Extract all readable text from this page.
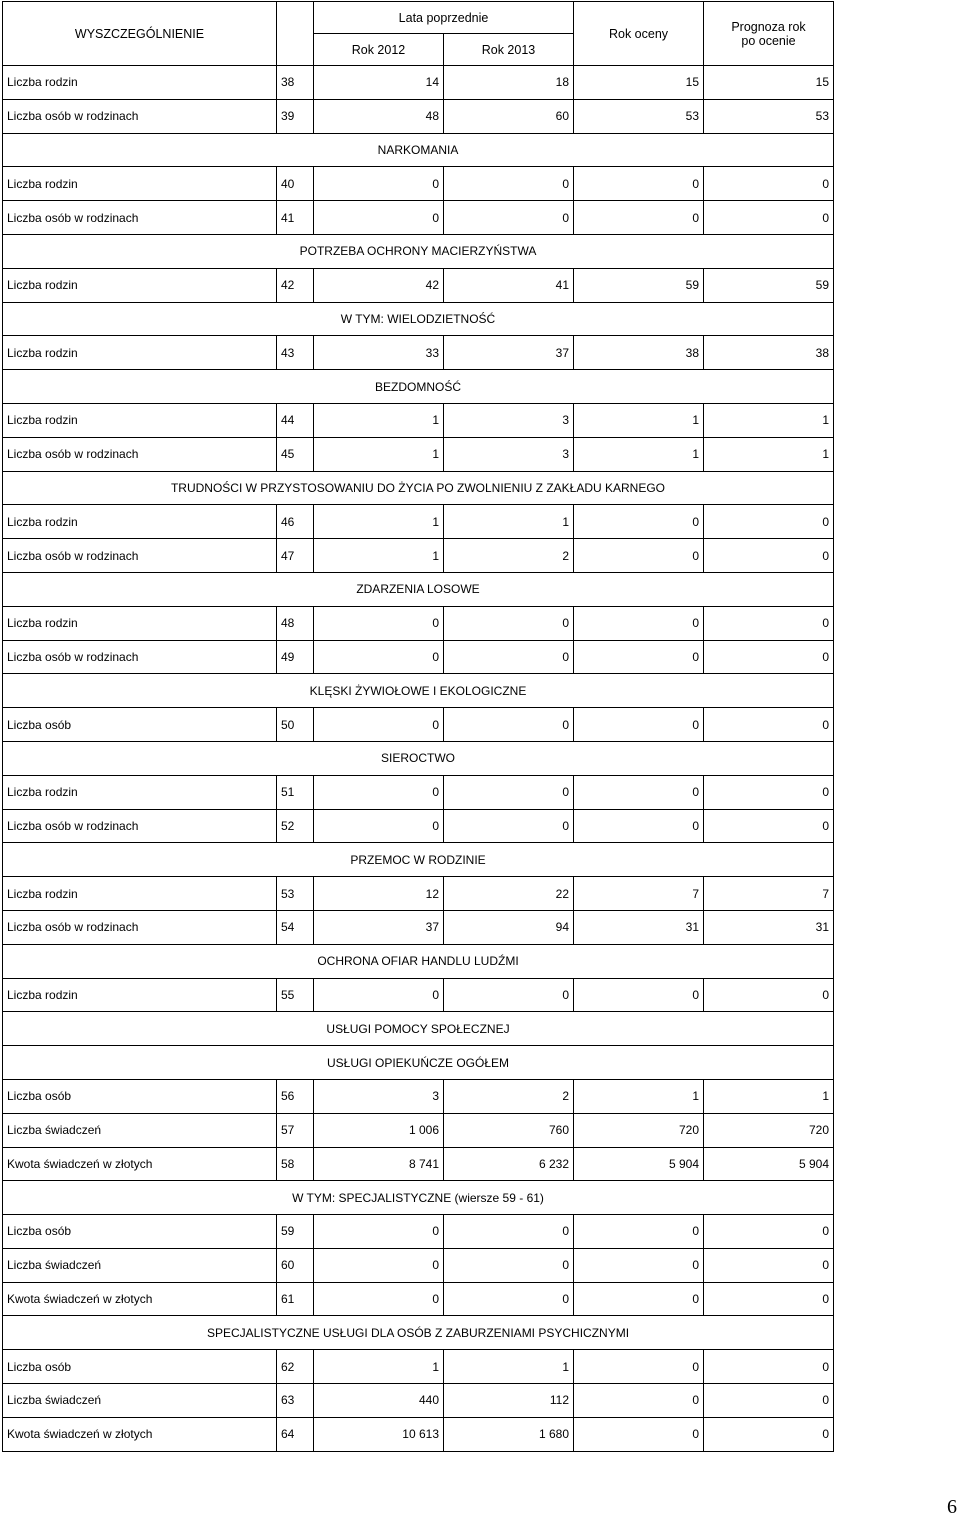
WYSZCZEGÓLNIENIE		Lata poprzednie		Rok oceny	Prognoza rok
po ocenie
		Rok 2012	Rok 2013		
Liczba rodzin	38	14	18	15	15
Liczba osób w rodzinach	39	48	60	53	53
NARKOMANIA					
Liczba rodzin	40	0	0	0	0
Liczba osób w rodzinach	41	0	0	0	0
POTRZEBA OCHRONY MACIERZYŃSTWA					
Liczba rodzin	42	42	41	59	59
W TYM: WIELODZIETNOŚĆ					
Liczba rodzin	43	33	37	38	38
BEZDOMNOŚĆ					
Liczba rodzin	44	1	3	1	1
Liczba osób w rodzinach	45	1	3	1	1
TRUDNOŚCI W PRZYSTOSOWANIU DO ŻYCIA PO ZWOLNIENIU Z ZAKŁADU KARNEGO					
Liczba rodzin	46	1	1	0	0
Liczba osób w rodzinach	47	1	2	0	0
ZDARZENIA LOSOWE					
Liczba rodzin	48	0	0	0	0
Liczba osób w rodzinach	49	0	0	0	0
KLĘSKI ŻYWIOŁOWE I EKOLOGICZNE					
Liczba osób	50	0	0	0	0
SIEROCTWO					
Liczba rodzin	51	0	0	0	0
Liczba osób w rodzinach	52	0	0	0	0
PRZEMOC W RODZINIE					
Liczba rodzin	53	12	22	7	7
Liczba osób w rodzinach	54	37	94	31	31
OCHRONA OFIAR HANDLU LUDŹMI					
Liczba rodzin	55	0	0	0	0
USŁUGI POMOCY SPOŁECZNEJ					
USŁUGI OPIEKUŃCZE OGÓŁEM					
Liczba osób	56	3	2	1	1
Liczba świadczeń	57	1 006	760	720	720
Kwota świadczeń w złotych	58	8 741	6 232	5 904	5 904
W TYM: SPECJALISTYCZNE (wiersze 59 - 61)					
Liczba osób	59	0	0	0	0
Liczba świadczeń	60	0	0	0	0
Kwota świadczeń w złotych	61	0	0	0	0
SPECJALISTYCZNE USŁUGI DLA OSÓB Z ZABURZENIAMI PSYCHICZNYMI					
Liczba osób	62	1	1	0	0
Liczba świadczeń	63	440	112	0	0
Kwota świadczeń w złotych	64	10 613	1 680	0	0
6
